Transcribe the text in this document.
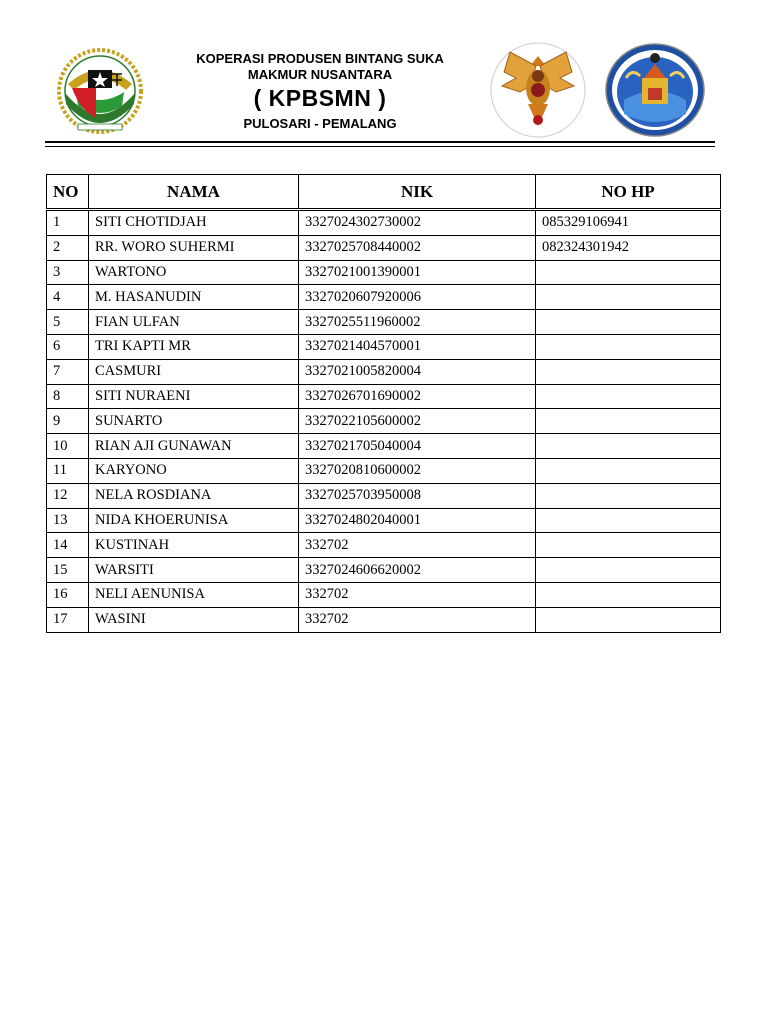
KOPERASI PRODUSEN BINTANG SUKA
MAKMUR NUSANTARA
( KPBSMN )
PULOSARI - PEMALANG
NO	NAMA	NIK	NO HP
1	SITI CHOTIDJAH	3327024302730002	085329106941
2	RR. WORO SUHERMI	3327025708440002	082324301942
3	WARTONO	3327021001390001	
4	M. HASANUDIN	3327020607920006	
5	FIAN ULFAN	3327025511960002	
6	TRI KAPTI MR	3327021404570001	
7	CASMURI	3327021005820004	
8	SITI NURAENI	3327026701690002	
9	SUNARTO	3327022105600002	
10	RIAN AJI GUNAWAN	3327021705040004	
11	KARYONO	3327020810600002	
12	NELA ROSDIANA	3327025703950008	
13	NIDA KHOERUNISA	3327024802040001	
14	KUSTINAH	332702	
15	WARSITI	3327024606620002	
16	NELI AENUNISA	332702	
17	WASINI	332702	
